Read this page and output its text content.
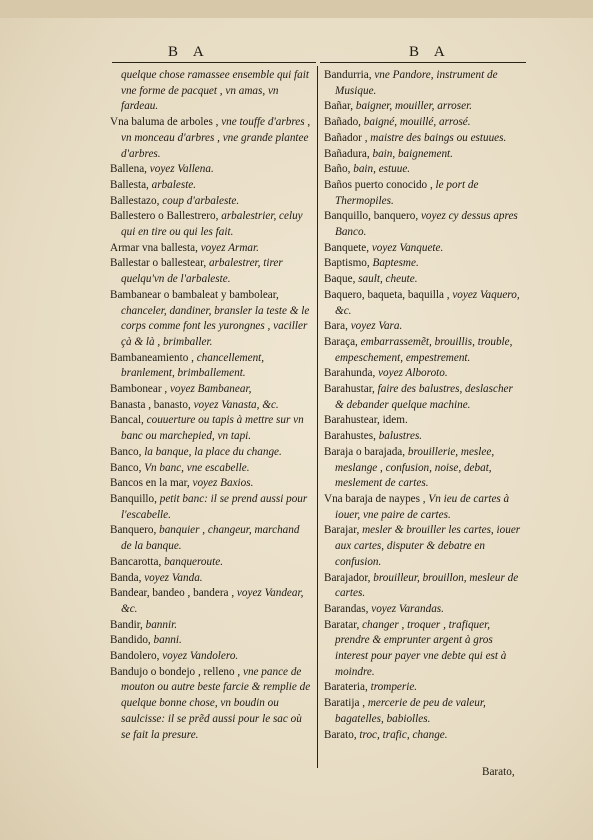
B A	B A

quelque chose ramassee ensemble qui fait vne forme de pacquet , vn amas, vn fardeau.

Vna baluma de arboles , vne touffe d'arbres , vn monceau d'arbres , vne grande plantee d'arbres.

Ballena, voyez Vallena.

Ballesta, arbaleste.

Ballestazo, coup d'arbaleste.

Ballestero o Ballestrero, arbalestrier, celuy qui en tire ou qui les fait.

Armar vna ballesta, voyez Armar.

Ballestar o ballestear, arbalestrer, tirer quelqu'vn de l'arbaleste.

Bambanear o bambaleat y bambolear, chanceler, dandiner, bransler la teste & le corps comme font les yurongnes , vaciller çà & là , brimballer.

Bambaneamiento , chancellement, branlement, brimballement.

Bambonear , voyez Bambanear,

Banasta , banasto, voyez Vanasta, &c.

Bancal, couuerture ou tapis à mettre sur vn banc ou marchepied, vn tapi.

Banco, la banque, la place du change.

Banco, Vn banc, vne escabelle.

Bancos en la mar, voyez Baxios.

Banquillo, petit banc: il se prend aussi pour l'escabelle.

Banquero, banquier , changeur, marchand de la banque.

Bancarotta, banqueroute.

Banda, voyez Vanda.

Bandear, bandeo , bandera , voyez Vandear, &c.

Bandir, bannir.

Bandido, banni.

Bandolero, voyez Vandolero.

Bandujo o bondejo , relleno , vne pance de mouton ou autre beste farcie & remplie de quelque bonne chose, vn boudin ou saulcisse: il se prẽd aussi pour le sac où se fait la presure.

Bandurria, vne Pandore, instrument de Musique.

Bañar, baigner, mouiller, arroser.

Bañado, baigné, mouillé, arrosé.

Bañador , maistre des baings ou estuues.

Bañadura, bain, baignement.

Baño, bain, estuue.

Baños puerto conocido , le port de Thermopiles.

Banquillo, banquero, voyez cy dessus apres Banco.

Banquete, voyez Vanquete.

Baptismo, Baptesme.

Baque, sault, cheute.

Baquero, baqueta, baquilla , voyez Vaquero, &c.

Bara, voyez Vara.

Baraça, embarrassemẽt, brouillis, trouble, empeschement, empestrement.

Barahunda, voyez Alboroto.

Barahustar, faire des balustres, deslascher & debander quelque machine.

Barahustear, idem.

Barahustes, balustres.

Baraja o barajada, brouillerie, meslee, meslange , confusion, noise, debat, meslement de cartes.

Vna baraja de naypes , Vn ieu de cartes à iouer, vne paire de cartes.

Barajar, mesler & brouiller les cartes, iouer aux cartes, disputer & debatre en confusion.

Barajador, brouilleur, brouillon, mesleur de cartes.

Barandas, voyez Varandas.

Baratar, changer , troquer , trafiquer, prendre & emprunter argent à gros interest pour payer vne debte qui est à moindre.

Barateria, tromperie.

Baratija , mercerie de peu de valeur, bagatelles, babiolles.

Barato, troc, trafic, change.

Barato,
